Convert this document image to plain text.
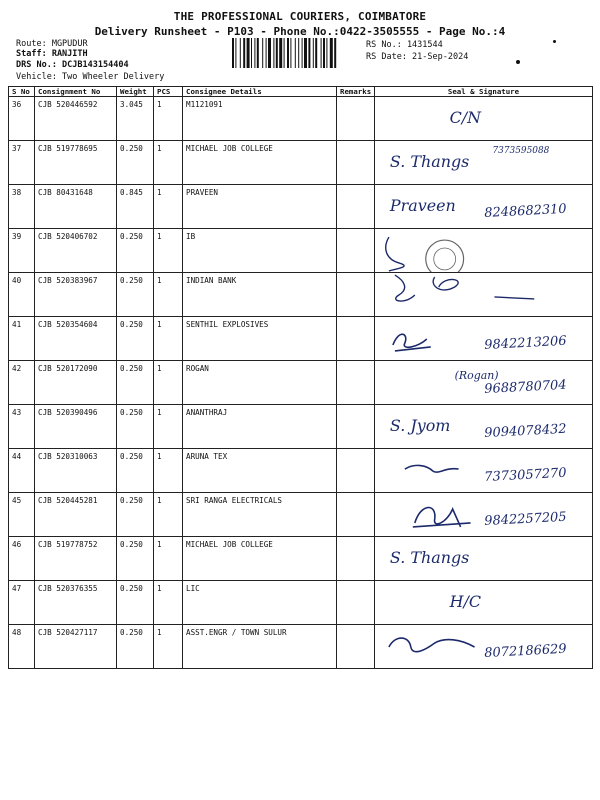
THE PROFESSIONAL COURIERS, COIMBATORE
Delivery Runsheet - P103 - Phone No.:0422-3505555 - Page No.:4
Route: MGPUDUR
Staff: RANJITH
DRS No.: DCJB143154404
Vehicle: Two Wheeler Delivery
RS No.: 1431544
RS Date: 21-Sep-2024
S No	Consignment No	Weight	PCS	Consignee Details	Remarks	Seal & Signature
36	CJB 520446592	3.045	1	M1121091		C/N

37	CJB 519778695	0.250	1	MICHAEL JOB COLLEGE		7373595088
S. Thangs

38	CJB 80431648	0.845	1	PRAVEEN		8248682310
Praveen

39	CJB 520406702	0.250	1	IB		

40	CJB 520383967	0.250	1	INDIAN BANK		

41	CJB 520354604	0.250	1	SENTHIL EXPLOSIVES		9842213206

42	CJB 520172090	0.250	1	ROGAN		9688780704
(Rogan)

43	CJB 520390496	0.250	1	ANANTHRAJ		9094078432
S. Jyom

44	CJB 520310063	0.250	1	ARUNA TEX		7373057270

45	CJB 520445281	0.250	1	SRI RANGA ELECTRICALS		9842257205

46	CJB 519778752	0.250	1	MICHAEL JOB COLLEGE		S. Thangs

47	CJB 520376355	0.250	1	LIC		H/C

48	CJB 520427117	0.250	1	ASST.ENGR / TOWN SULUR		8072186629
